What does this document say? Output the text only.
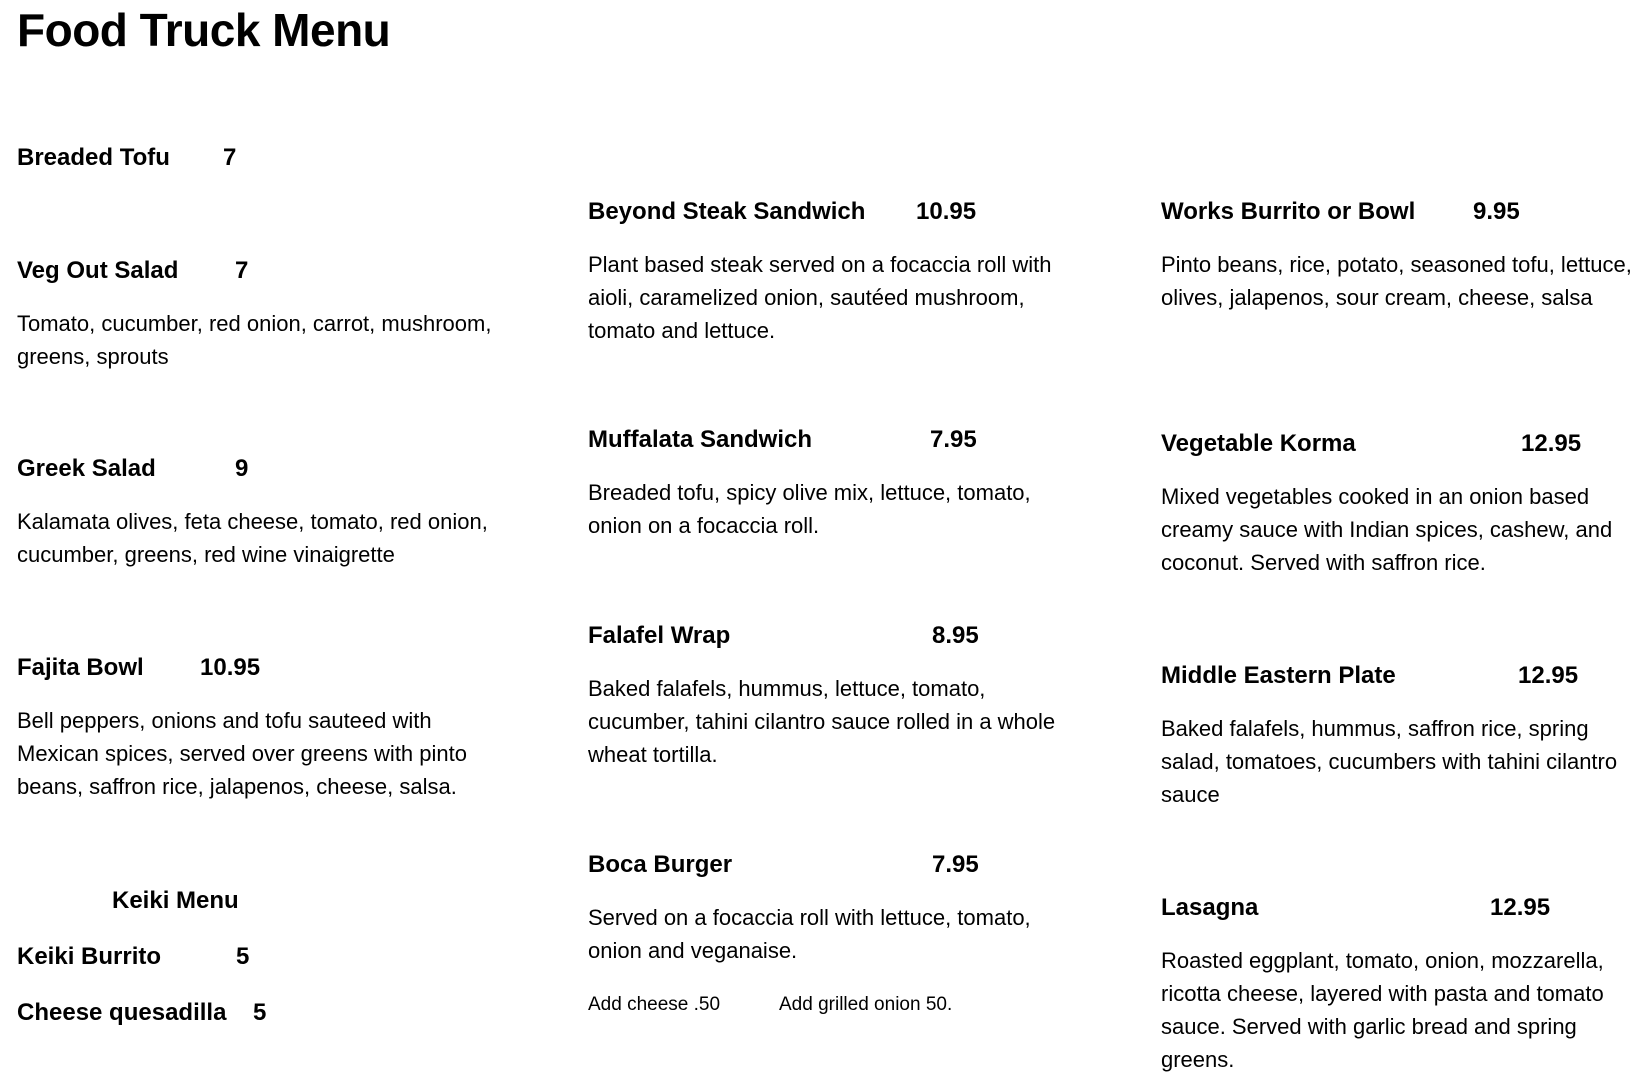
Food Truck Menu
Breaded Tofu 7
Veg Out Salad 7

Tomato, cucumber, red onion, carrot, mushroom, greens, sprouts

Greek Salad	9

Kalamata olives, feta cheese, tomato, red onion, cucumber, greens, red wine vinaigrette

Fajita Bowl 10.95

Bell peppers, onions and tofu sauteed with Mexican spices, served over greens with pinto beans, saffron rice, jalapenos, cheese, salsa.

Keiki Menu
Keiki Burrito	5
Cheese quesadilla 5
Beyond Steak Sandwich 10.95

Plant based steak served on a focaccia roll with aioli, caramelized onion, sautéed mushroom, tomato and lettuce.

Muffalata Sandwich	7.95

Breaded tofu, spicy olive mix, lettuce, tomato, onion on a focaccia roll.

Falafel Wrap	8.95

Baked falafels, hummus, lettuce, tomato, cucumber, tahini cilantro sauce rolled in a whole wheat tortilla.

Boca Burger	7.95

Served on a focaccia roll with lettuce, tomato, onion and veganaise.

Add cheese .50	Add grilled onion 50.
Works Burrito or Bowl 9.95

Pinto beans, rice, potato, seasoned tofu, lettuce, olives, jalapenos, sour cream, cheese, salsa

Vegetable Korma	12.95

Mixed vegetables cooked in an onion based creamy sauce with Indian spices, cashew, and coconut. Served with saffron rice.

Middle Eastern Plate	12.95

Baked falafels, hummus, saffron rice, spring salad, tomatoes, cucumbers with tahini cilantro sauce

Lasagna	12.95

Roasted eggplant, tomato, onion, mozzarella, ricotta cheese, layered with pasta and tomato sauce. Served with garlic bread and spring greens.
